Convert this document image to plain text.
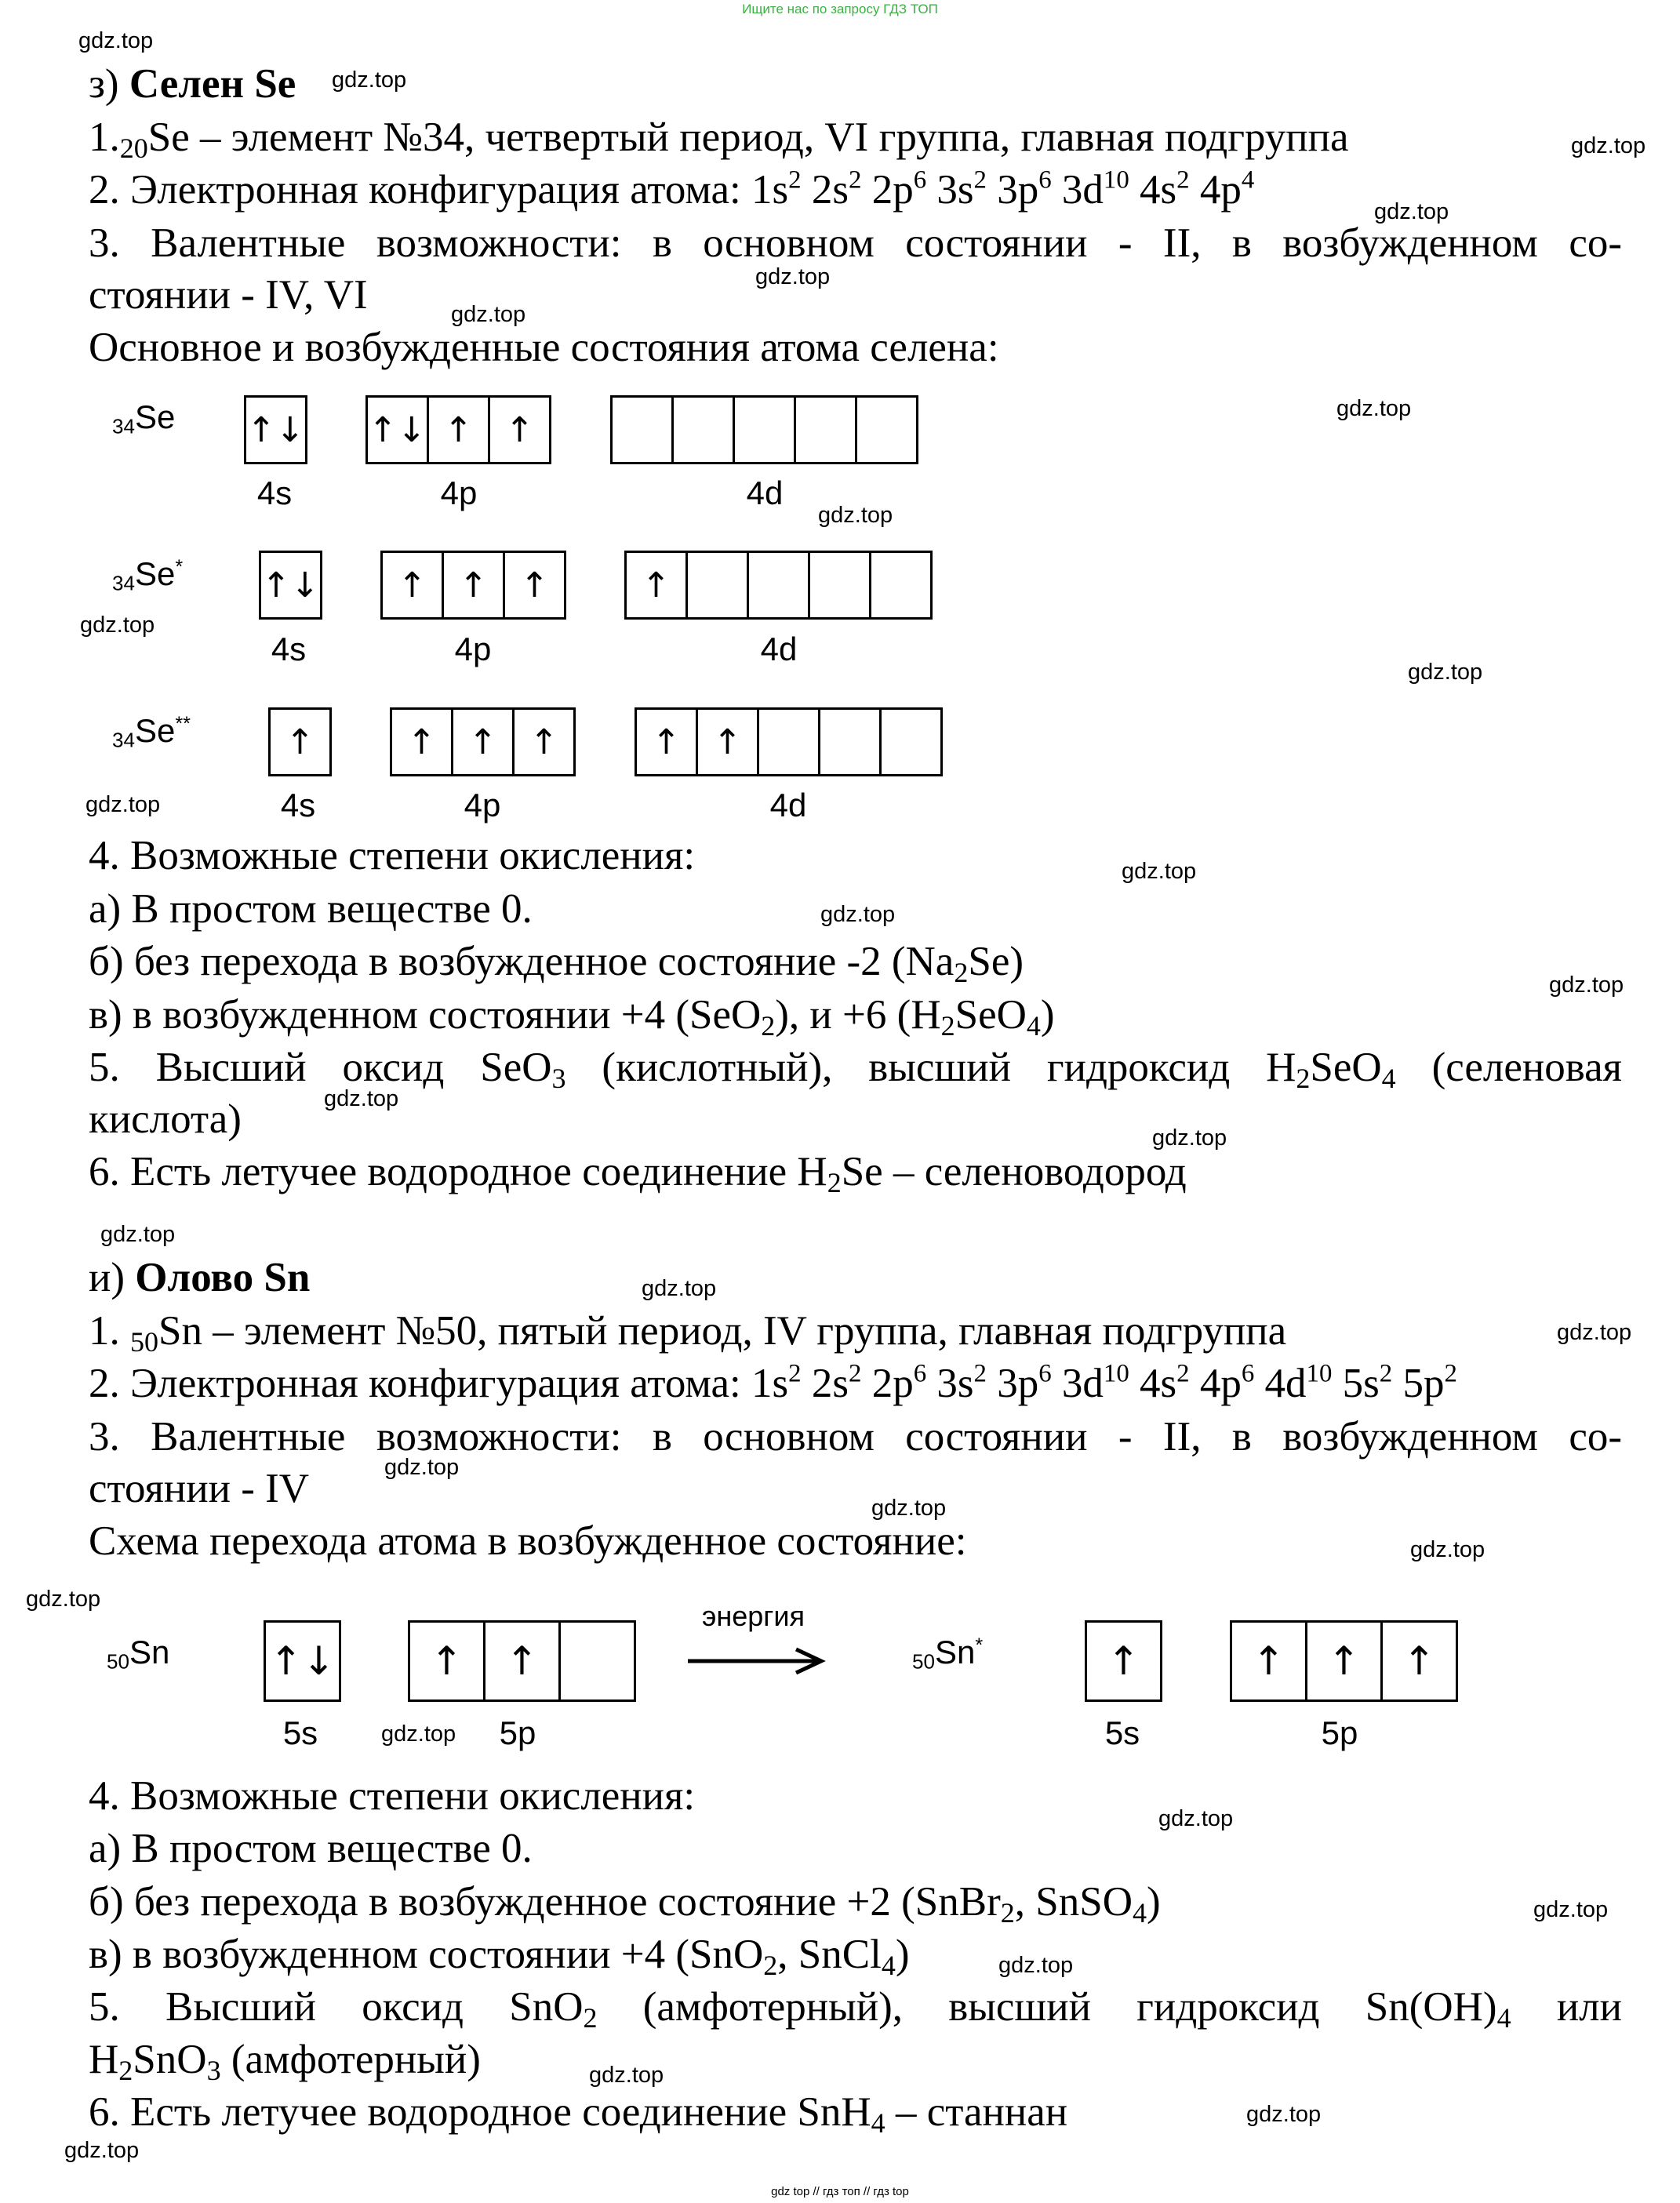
Ищите нас по запросу ГДЗ ТОП
з) Селен Se
$1._{20}Se$ – элемент №34, четвертый период, VI группа, главная подгруппа
2. Электронная конфигурация атома: $1s^2$ $2s^2$ $2p^6$ $3s^2$ $3p^6$ $3d^{10}$ $4s^2$ $4p^4$
3. Валентные возможности: в основном состоянии - II, в возбужденном со-
стоянии - IV, VI
Основное и возбужденные состояния атома селена:
$_{34}$Se ↑↓ ↑↓ ↑ ↑
4s	4p	4d
$_{34}$Se* ↑↓	↑ ↑ ↑	↑
4s	4p	4d
$_{34}$Se**	↑	↑ ↑ ↑	↑ ↑
4s	4p	4d
4. Возможные степени окисления:
а) В простом веществе 0.
б) без перехода в возбужденное состояние -2 $(Na_2Se)$
в) в возбужденном состоянии +4 (SeO$_2$), и +6 $(H_2SeO_4)$
5. Высший оксид SeO$_3$ (кислотный), высший гидроксид $H_2SeO_4$ (селеновая
кислота)
6. Есть летучее водородное соединение $H_2Se$ – селеноводород
и) Олово Sn
1. $_{50}$Sn – элемент №50, пятый период, IV группа, главная подгруппа
2. Электронная конфигурация атома: $1s^2$ $2s^2$ $2p^6$ $3s^2$ $3p^6$ $3d^{10}$ $4s^2$ $4p^6$ $4d^{10}$ $5s^2$ $5p^2$
3. Валентные возможности: в основном состоянии - II, в возбужденном со-
стоянии - IV
Схема перехода атома в возбужденное состояние:
$_{50}$Sn	↑↓	↑	↑
5s	5p
энергия
$_{50}$Sn*	↑	↑	↑	↑
5s	5p
4. Возможные степени окисления:
а) В простом веществе 0.
б) без перехода в возбужденное состояние +2 (SnBr$_2$, SnSO$_4$)
в) в возбужденном состоянии +4 (SnO$_2$, SnCl$_4$)
5. Высший оксид SnO$_2$ (амфотерный), высший гидроксид $Sn(OH)_4$ или
$H_2SnO_3$ (амфотерный)
6. Есть летучее водородное соединение SnH$_4$ – станнан
gdz.top
gdz.top
gdz.top
gdz.top
gdz.top
gdz.top
gdz.top
gdz.top
gdz.top
gdz.top
gdz.top
gdz.top
gdz.top
gdz.top
gdz.top
gdz.top
gdz.top
gdz.top
gdz.top
gdz.top
gdz.top
gdz.top
gdz.top
gdz.top
gdz.top
gdz.top
gdz.top
gdz.top
gdz.top
gdz.top
gdz top // гдз топ // гдз top
